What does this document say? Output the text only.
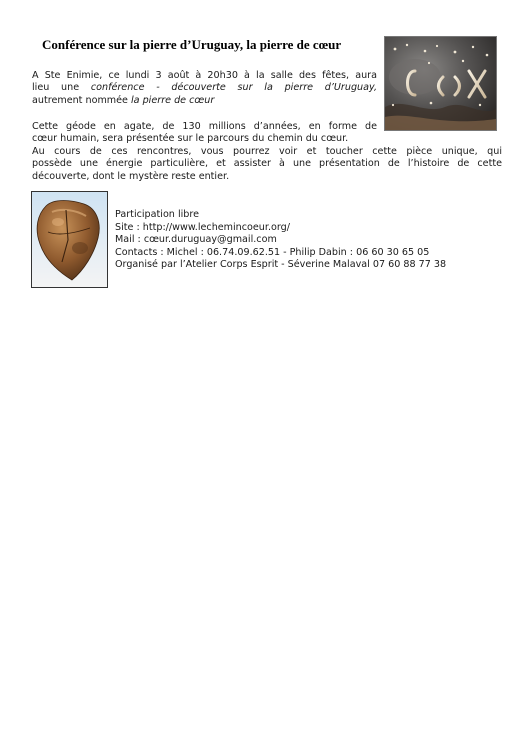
Conférence sur la pierre d’Uruguay, la pierre de cœur

A Ste Enimie, ce lundi 3 août à 20h30 à la salle des fêtes, aura
lieu une conférence - découverte sur la pierre d’Uruguay,
autrement nommée la pierre de cœur

Cette géode en agate, de 130 millions d’années, en forme de
cœur humain, sera présentée sur le parcours du chemin du cœur.

Au cours de ces rencontres, vous pourrez voir et toucher cette pièce unique, qui
possède une énergie particulière, et assister à une présentation de l’histoire de cette
découverte, dont le mystère reste entier.

Participation libre
Site : http://www.lechemincoeur.org/
Mail : cœur.duruguay@gmail.com
Contacts : Michel : 06.74.09.62.51 - Philip Dabin : 06 60 30 65 05
Organisé par l’Atelier Corps Esprit - Séverine Malaval 07 60 88 77 38
